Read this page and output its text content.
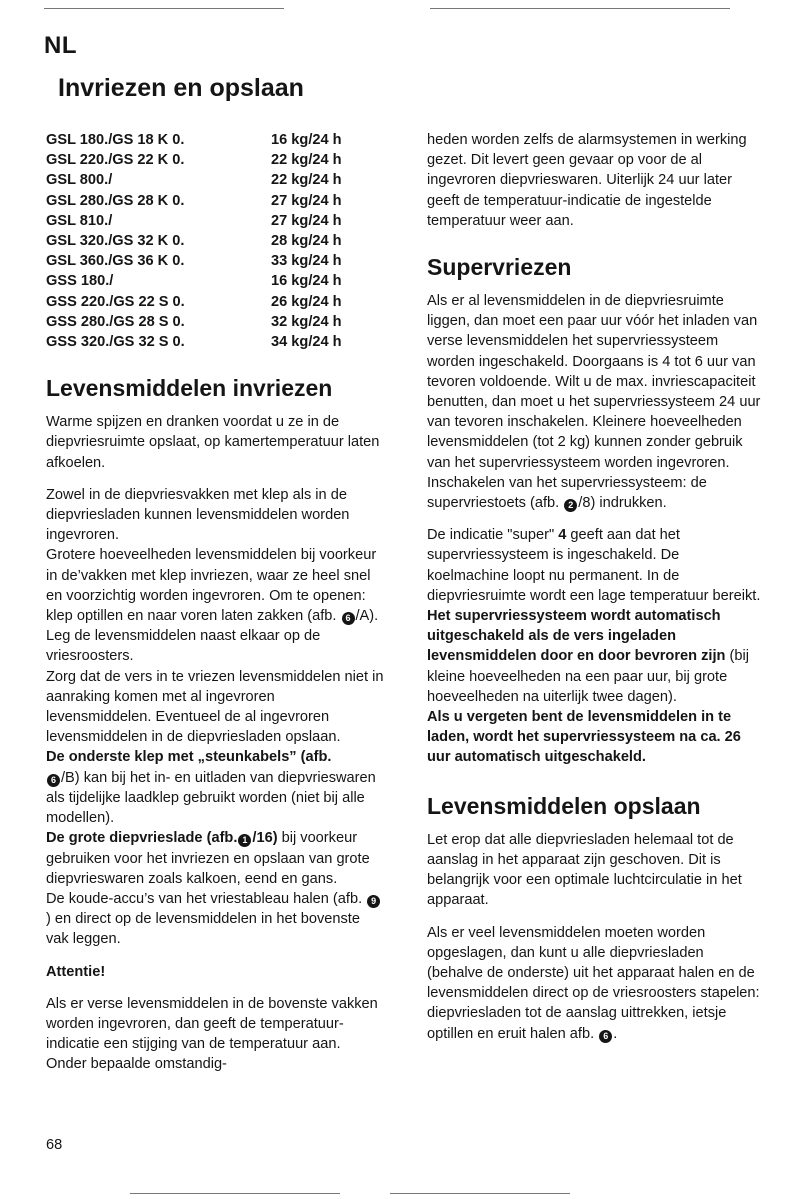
NL
Invriezen en opslaan
GSL 180./GS 18 K 0.	16 kg/24 h
GSL 220./GS 22 K 0.	22 kg/24 h
GSL 800./	22 kg/24 h
GSL 280./GS 28 K 0.	27 kg/24 h
GSL 810./	27 kg/24 h
GSL 320./GS 32 K 0.	28 kg/24 h
GSL 360./GS 36 K 0.	33 kg/24 h
GSS 180./	16 kg/24 h
GSS 220./GS 22 S 0.	26 kg/24 h
GSS 280./GS 28 S 0.	32 kg/24 h
GSS 320./GS 32 S 0.	34 kg/24 h
Levensmiddelen invriezen

Warme spijzen en dranken voordat u ze in de diepvriesruimte opslaat, op kamertemperatuur laten afkoelen.

Zowel in de diepvriesvakken met klep als in de diepvriesladen kunnen levensmiddelen worden ingevroren.

Grotere hoeveelheden levensmiddelen bij voorkeur in de’vakken met klep invriezen, waar ze heel snel en voorzichtig worden ingevroren. Om te openen: klep optillen en naar voren laten zakken (afb. 6 /A). Leg de levensmiddelen naast elkaar op de vriesroosters.

Zorg dat de vers in te vriezen levensmiddelen niet in aanraking komen met al ingevroren levensmiddelen. Eventueel de al ingevroren levensmiddelen in de diepvriesladen opslaan.

De onderste klep met „steunkabels” (afb.
6 /B) kan bij het in- en uitladen van diepvrieswaren als tijdelijke laadklep gebruikt worden (niet bij alle modellen).

De grote diepvrieslade (afb. 1 /16) bij voorkeur gebruiken voor het invriezen en opslaan van grote diepvrieswaren zoals kalkoen, eend en gans.

De koude-accu’s van het vriestableau halen (afb. 9) en direct op de levensmiddelen in het bovenste vak leggen.

Attentie!

Als er verse levensmiddelen in de bovenste vakken worden ingevroren, dan geeft de temperatuur-indicatie een stijging van de temperatuur aan. Onder bepaalde omstandig-

heden worden zelfs de alarmsystemen in werking gezet. Dit levert geen gevaar op voor de al ingevroren diepvrieswaren. Uiterlijk 24 uur later geeft de temperatuur-indicatie de ingestelde temperatuur weer aan.

Supervriezen

Als er al levensmiddelen in de diepvriesruimte liggen, dan moet een paar uur vóór het inladen van verse levensmiddelen het supervriessysteem worden ingeschakeld. Doorgaans is 4 tot 6 uur van tevoren voldoende. Wilt u de max. invriescapaciteit benutten, dan moet u het supervriessysteem 24 uur van tevoren inschakelen. Kleinere hoeveelheden levensmiddelen (tot 2 kg) kunnen zonder gebruik van het supervriessysteem worden ingevroren. Inschakelen van het supervriessysteem: de supervriestoets (afb. 2 /8) indrukken.

De indicatie "super" 4 geeft aan dat het supervriessysteem is ingeschakeld. De koelmachine loopt nu permanent. In de diepvriesruimte wordt een lage temperatuur bereikt.

Het supervriessysteem wordt automatisch uitgeschakeld als de vers ingeladen levensmiddelen door en door bevroren zijn (bij kleine hoeveelheden na een paar uur, bij grote hoeveelheden na uiterlijk twee dagen).

Als u vergeten bent de levensmiddelen in te laden, wordt het supervriessysteem na ca. 26 uur automatisch uitgeschakeld.

Levensmiddelen opslaan

Let erop dat alle diepvriesladen helemaal tot de aanslag in het apparaat zijn geschoven. Dit is belangrijk voor een optimale luchtcirculatie in het apparaat.

Als er veel levensmiddelen moeten worden opgeslagen, dan kunt u alle diepvriesladen (behalve de onderste) uit het apparaat halen en de levensmiddelen direct op de vriesroosters stapelen: diepvriesladen tot de aanslag uittrekken, ietsje optillen en eruit halen afb. 6 .

68
